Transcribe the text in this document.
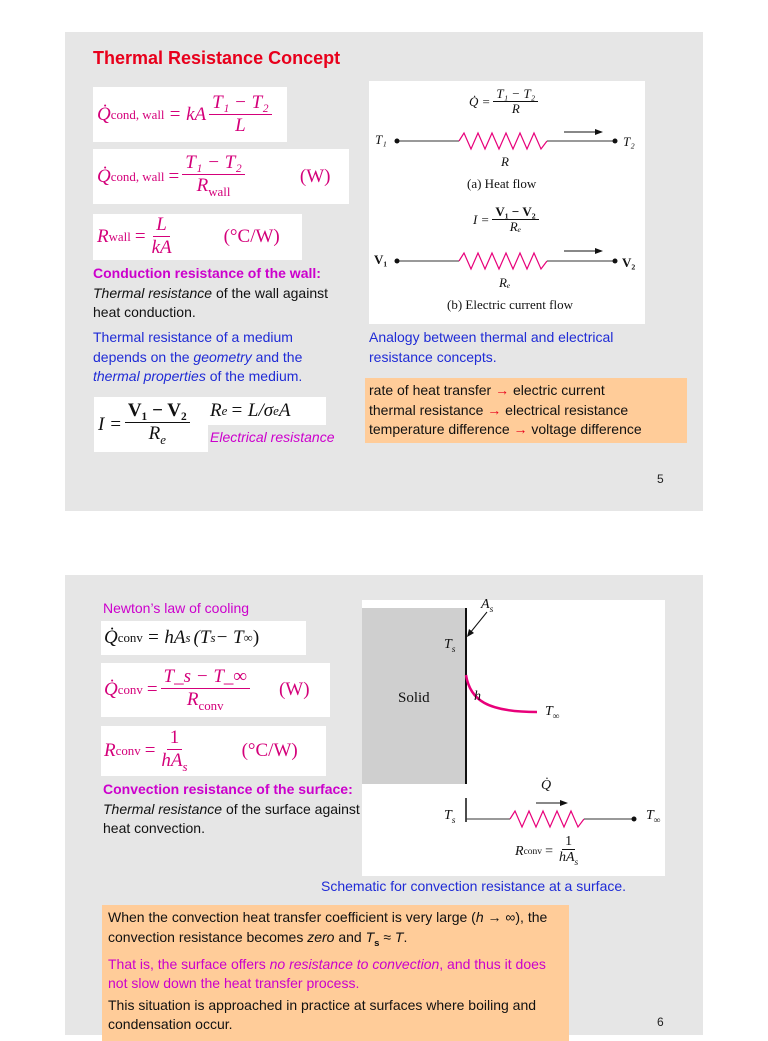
Thermal Resistance Concept
Q̇ cond, wall = kA $\frac{\text{T₁ − T₂}}{L}$
Q̇ cond, wall = $\frac{\text{T₁ − T₂}}{R_{wall}}$	(W)
R wall = $\frac{L}{kA}$	(°C/W)
Conduction resistance of the wall: Thermal resistance of the wall against heat conduction.
Thermal resistance of a medium depends on the geometry and the thermal properties of the medium.
$I = \frac{\text{V₁ − V₂}}{R_e}$ R e = L/σ e A
Electrical resistance
Q̇ = $\frac{\text{T₁ − T₂}}{R}$
T₁	T₂
R
(a) Heat flow
$I = \frac{\text{V₁ − V₂}}{\text{Rₑ}}$
V₁	V₂
Rₑ
(b) Electric current flow
Analogy between thermal and electrical resistance concepts.
rate of heat transfer → electric current
thermal resistance → electrical resistance
temperature difference → voltage difference
5
Newton’s law of cooling
Q̇ conv = hA s (T s − T ∞ )
Q̇ conv = $\frac{T\_s - T\_\infty}{R_{conv}} (W)$
R conv = $\frac{1}{hA_s}$	(°C/W)
Convection resistance of the surface: Thermal resistance of the surface against heat convection.
$A_s$
$T_s$
Solid	h
$T_\infty$
Q̇
$T_s$	$T_\infty$
R conv = $\frac{1}{hA_s}$
Schematic for convection resistance at a surface.
When the convection heat transfer coefficient is very large (h → ∞), the convection resistance becomes zero and $T_s \approx T$.
That is, the surface offers no resistance to convection, and thus it does not slow down the heat transfer process.
This situation is approached in practice at surfaces where boiling and condensation occur.	6
